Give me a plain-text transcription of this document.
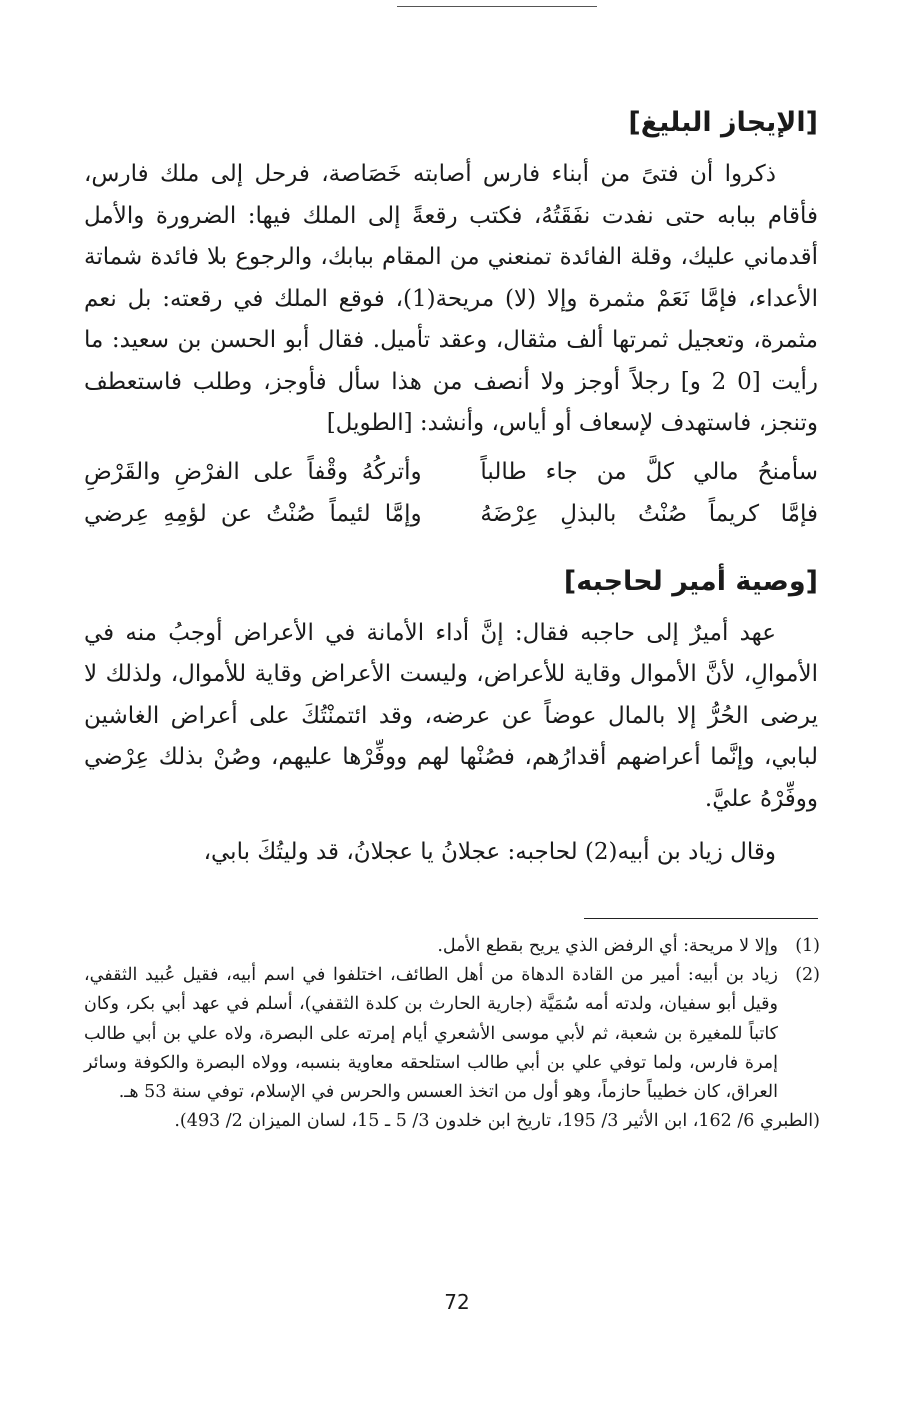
[الإيجاز البليغ]

ذكروا أن فتىً من أبناء فارس أصابته خَصَاصة، فرحل إلى ملك فارس، فأقام ببابه حتى نفدت نفَقَتُهُ، فكتب رقعةً إلى الملك فيها: الضرورة والأمل أقدماني عليك، وقلة الفائدة تمنعني من المقام ببابك، والرجوع بلا فائدة شماتة الأعداء، فإمَّا نَعَمْ مثمرة وإلا (لا) مريحة(1)، فوقع الملك في رقعته: بل نعم مثمرة، وتعجيل ثمرتها ألف مثقال، وعقد تأميل. فقال أبو الحسن بن سعيد: ما رأيت [0 2 و] رجلاً أوجز ولا أنصف من هذا سأل فأوجز، وطلب فاستعطف وتنجز، فاستهدف لإسعاف أو أياس، وأنشد: [الطويل]

سأمنحُ مالي كلَّ من جاء طالباً
وأتركُهُ وقْفاً على الفرْضِ والقَرْضِ
فإمَّا كريماً صُنْتُ بالبذلِ عِرْضَهُ
وإمَّا لئيماً صُنْتُ عن لؤمِهِ عِرضي
[وصية أمير لحاجبه]

عهد أميرٌ إلى حاجبه فقال: إنَّ أداء الأمانة في الأعراض أوجبُ منه في الأموالِ، لأنَّ الأموال وقاية للأعراض، وليست الأعراض وقاية للأموال، ولذلك لا يرضى الحُرُّ إلا بالمال عوضاً عن عرضه، وقد ائتمنْتُكَ على أعراض الغاشين لبابي، وإنَّما أعراضهم أقدارُهم، فصُنْها لهم ووفِّرْها عليهم، وصُنْ بذلك عِرْضي ووفِّرْهُ عليَّ.

وقال زياد بن أبيه(2) لحاجبه: عجلانُ يا عجلانُ، قد وليتُكَ بابي،

(1)
وإلا لا مريحة: أي الرفض الذي يريح بقطع الأمل.
(2)
زياد بن أبيه: أمير من القادة الدهاة من أهل الطائف، اختلفوا في اسم أبيه، فقيل عُبيد الثقفي، وقيل أبو سفيان، ولدته أمه سُمَيَّة (جارية الحارث بن كلدة الثقفي)، أسلم في عهد أبي بكر، وكان كاتباً للمغيرة بن شعبة، ثم لأبي موسى الأشعري أيام إمرته على البصرة، ولاه علي بن أبي طالب إمرة فارس، ولما توفي علي بن أبي طالب استلحقه معاوية بنسبه، وولاه البصرة والكوفة وسائر العراق، كان خطيباً حازماً، وهو أول من اتخذ العسس والحرس في الإسلام، توفي سنة 53 هـ.
(الطبري 6/ 162، ابن الأثير 3/ 195، تاريخ ابن خلدون 3/ 5 ـ 15، لسان الميزان 2/ 493).
72
